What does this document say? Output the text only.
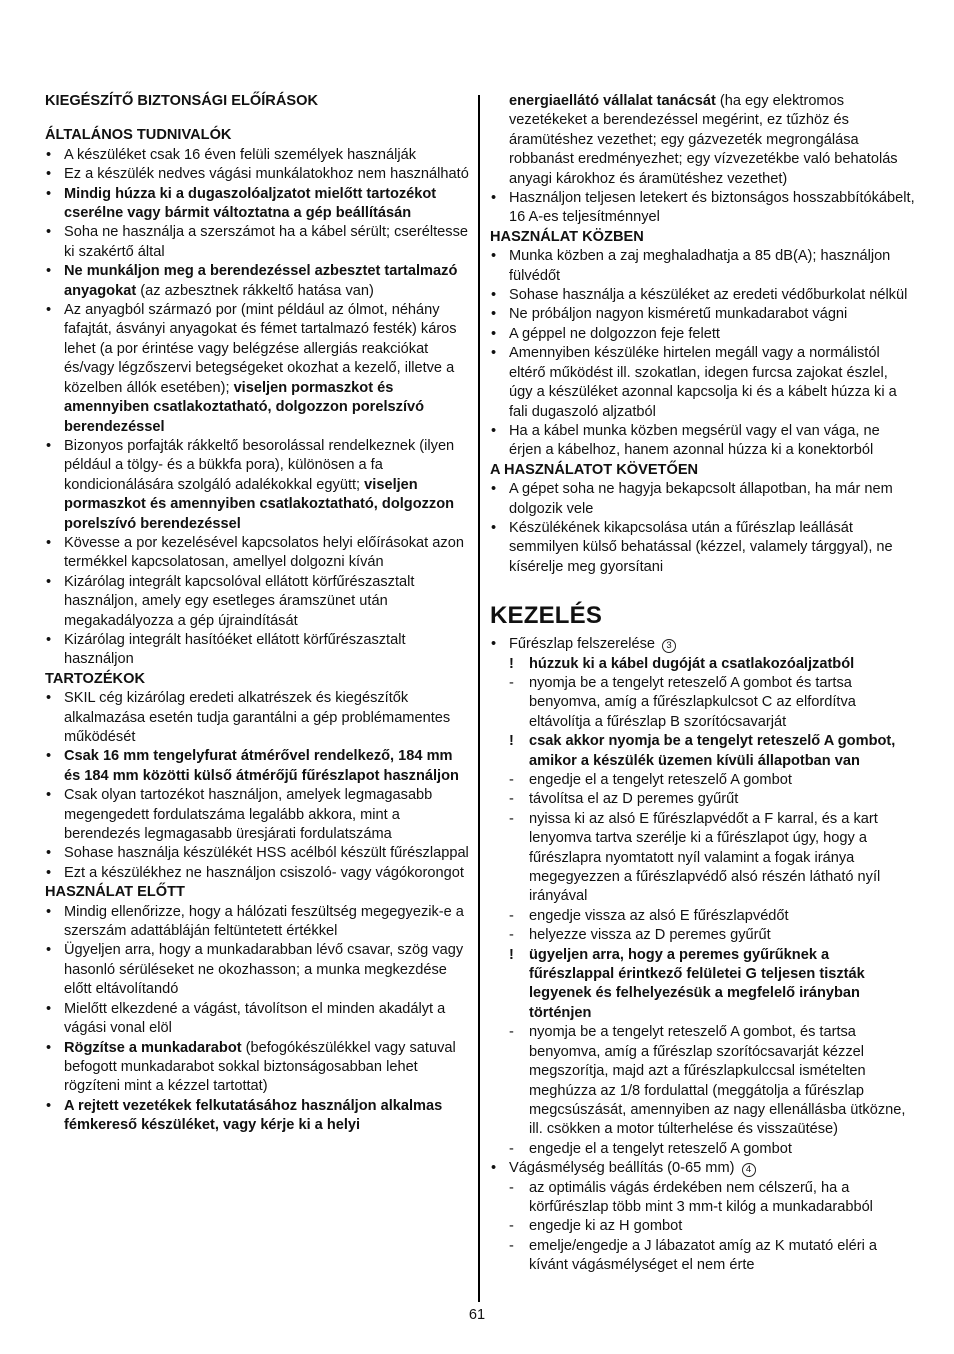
KIEGÉSZÍTŐ BIZTONSÁGI ELŐÍRÁSOK
ÁLTALÁNOS TUDNIVALÓK
• A készüléket csak 16 éven felüli személyek használják
• Ez a készülék nedves vágási munkálatokhoz nem használható
• Mindig húzza ki a dugaszolóaljzatot mielőtt tartozékot cserélne vagy bármit változtatna a gép beállításán
• Soha ne használja a szerszámot ha a kábel sérült; cseréltesse ki szakértő által
• Ne munkáljon meg a berendezéssel azbesztet tartalmazó anyagokat (az azbesztnek rákkeltő hatása van)
• Az anyagból származó por (mint például az ólmot, néhány fafajtát, ásványi anyagokat és fémet tartalmazó festék) káros lehet (a por érintése vagy belégzése allergiás reakciókat és/vagy légzőszervi betegségeket okozhat a kezelő, illetve a közelben állók esetében); viseljen pormaszkot és amennyiben csatlakoztatható, dolgozzon porelszívó berendezéssel
• Bizonyos porfajták rákkeltő besorolással rendelkeznek (ilyen például a tölgy- és a bükkfa pora), különösen a fa kondicionálására szolgáló adalékokkal együtt; viseljen pormaszkot és amennyiben csatlakoztatható, dolgozzon porelszívó berendezéssel
• Kövesse a por kezelésével kapcsolatos helyi előírásokat azon termékkel kapcsolatosan, amellyel dolgozni kíván
• Kizárólag integrált kapcsolóval ellátott körfűrészasztalt használjon, amely egy esetleges áramszünet után megakadályozza a gép újraindítását
• Kizárólag integrált hasítóéket ellátott körfűrészasztalt használjon
TARTOZÉKOK
• SKIL cég kizárólag eredeti alkatrészek és kiegészítők alkalmazása esetén tudja garantálni a gép problémamentes működését
• Csak 16 mm tengelyfurat átmérővel rendelkező, 184 mm és 184 mm közötti külső átmérőjű fűrészlapot használjon
• Csak olyan tartozékot használjon, amelyek legmagasabb megengedett fordulatszáma legalább akkora, mint a berendezés legmagasabb üresjárati fordulatszáma
• Sohasе használja készülékét HSS acélból készült fűrészlappal
• Ezt a készülékhez ne használjon csiszoló- vagy vágókorongot
HASZNÁLAT ELŐTT
• Mindig ellenőrizze, hogy a hálózati feszültség megegyezik-e a szerszám adattábláján feltüntetett értékkel
• Ügyeljen arra, hogy a munkadarabban lévő csavar, szög vagy hasonló sérüléseket ne okozhasson; a munka megkezdése előtt eltávolítandó
• Mielőtt elkezdené a vágást, távolítson el minden akadályt a vágási vonal elöl
• Rögzítse a munkadarabot (befogókészülékkel vagy satuval befogott munkadarabot sokkal biztonságosabban lehet rögzíteni mint a kézzel tartottat)
• A rejtett vezetékek felkutatásához használjon alkalmas fémkereső készüléket, vagy kérje ki a helyi
energiaellátó vállalat tanácsát (ha egy elektromos vezetékeket a berendezéssel megérint, ez tűzhöz és áramütéshez vezethet; egy gázvezeték megrongálása robbanást eredményezhet; egy vízvezetékbe való behatolás anyagi károkhoz és áramütéshez vezethet)
• Használjon teljesen letekert és biztonságos hosszabbítókábelt, 16 A-es teljesítménnyel
HASZNÁLAT KÖZBEN
• Munka közben a zaj meghaladhatja a 85 dB(A); használjon fülvédőt
• Sohase használja a készüléket az eredeti védőburkolat nélkül
• Ne próbáljon nagyon kisméretű munkadarabot vágni
• A géppel ne dolgozzon feje felett
• Amennyiben készüléke hirtelen megáll vagy a normálistól eltérő működést ill. szokatlan, idegen furcsa zajokat észlel, úgy a készüléket azonnal kapcsolja ki és a kábelt húzza ki a fali dugaszoló aljzatból
• Ha a kábel munka közben megsérül vagy el van vága, ne érjen a kábelhoz, hanem azonnal húzza ki a konektorból
A HASZNÁLATOT KÖVETŐEN
• A gépet soha ne hagyja bekapcsolt állapotban, ha már nem dolgozik vele
• Készülékének kikapcsolása után a fűrészlap leállását semmilyen külső behatással (kézzel, valamely tárggyal), ne kísérelje meg gyorsítani
KEZELÉS
• Fűrészlap felszerelése 3
! húzzuk ki a kábel dugóját a csatlakozóaljzatból
- nyomja be a tengelyt reteszelő A gombot és tartsa benyomva, amíg a fűrészlapkulcsot C az elfordítva eltávolítja a fűrészlap B szorítócsavarját
! csak akkor nyomja be a tengelyt reteszelő A gombot, amikor a készülék üzemen kívüli állapotban van
- engedje el a tengelyt reteszelő A gombot
- távolítsa el az D peremes gyűrűt
- nyissa ki az alsó E fűrészlapvédőt a F karral, és a kart lenyomva tartva szerélje ki a fűrészlapot úgy, hogy a fűrészlapra nyomtatott nyíl valamint a fogak iránya megegyezzen a fűrészlapvédő alsó részén látható nyíl irányával
- engedje vissza az alsó E fűrészlapvédőt
- helyezze vissza az D peremes gyűrűt
! ügyeljen arra, hogy a peremes gyűrűknek a fűrészlappal érintkező felületei G teljesen tiszták legyenek és felhelyezésük a megfelelő irányban történjen
- nyomja be a tengelyt reteszelő A gombot, és tartsa benyomva, amíg a fűrészlap szorítócsavarját kézzel megszorítja, majd azt a fűrészlapkulccsal ismételten meghúzza az 1/8 fordulattal (meggátolja a fűrészlap megcsúszását, amennyiben az nagy ellenállásba ütközne, ill. csökken a motor túlterhelése és visszaütése)
- engedje el a tengelyt reteszelő A gombot
• Vágásmélység beállítás (0-65 mm) 4
- az optimális vágás érdekében nem célszerű, ha a körfűrészlap több mint 3 mm-t kilóg a munkadarabból
- engedje ki az H gombot
- emelje/engedje a J lábazatot amíg az K mutató eléri a kívánt vágásmélységet el nem érte
61
